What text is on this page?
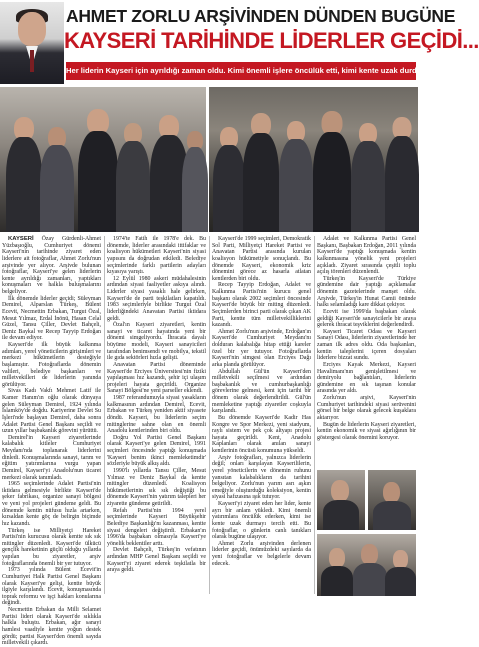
AHMET ZORLU ARŞİVİNDEN DÜNDEN BUGÜNE
KAYSERİ TARİHİNDE LİDERLER GEÇİDİ...
Her liderin Kayseri için ayrıldığı zaman oldu. Kimi önemli işlere öncülük etti, kimi kente uzak durdu..

KAYSERİ Özay Gürdenli-Ahmet Yüzbaşıoğlu, Cumhuriyet dönemi Kayseri'nin tarihinde ziyaret eden liderlere ait fotoğraflar, Ahmet Zorlu'nun arşivinde yer alıyor. Arşivde bulunan fotoğraflar, Kayseri'ye gelen liderlerin kente ayrıldığı zamanları, yaptıkları konuşmaları ve halkla buluşmalarını belgeliyor.

İlk dönemde liderler geçidi; Süleyman Demirel, Alparslan Türkeş, Bülent Ecevit, Necmettin Erbakan, Turgut Özal, Mesut Yılmaz, Erdal İnönü, Hasan Celal Güzel, Tansu Çiller, Devlet Bahçeli, Deniz Baykal ve Recep Tayyip Erdoğan ile devam ediyor.

Kayseri'de ilk büyük kalkınma adımları, yerel yöneticilerin girişimleri ve merkezi hükümetlerin desteğiyle başlamıştır. Fotoğraflarda dönemin valileri, belediye başkanları ve milletvekilleri de liderlerin yanında görülüyor.

Sivas Kadı Vakfı Mehmet Latif ile Kamer Hanım'ın oğlu olarak dünyaya gelen Süleyman Demirel, 1924 yılında İslamköy'de doğdu. Kariyerine Devlet Su İşleri'nde başlayan Demirel, daha sonra Adalet Partisi Genel Başkanı seçildi ve uzun yıllar başbakanlık görevini yürüttü.

Demirel'in Kayseri ziyaretlerinde kalabalık kitleler Cumhuriyet Meydanı'nda toplanarak liderlerini dinledi. Konuşmalarında sanayi, tarım ve eğitim yatırımlarına vurgu yapan Demirel, Kayseri'yi Anadolu'nun ticaret merkezi olarak tanımladı.

1965 seçimlerinde Adalet Partisi'nin iktidara gelmesiyle birlikte Kayseri'de şeker fabrikası, organize sanayi bölgesi ve yeni yol projeleri gündeme geldi. Bu dönemde kentin nüfusu hızla artarken, kırsaldan kente göç de belirgin biçimde hız kazandı.

Türkeş ise Milliyetçi Hareket Partisi'nin kurucusu olarak kentte sık sık mitingler düzenledi. Kayseri'de ülkücü gençlik hareketinin güçlü olduğu yıllarda yapılan bu ziyaretler, arşiv fotoğraflarında önemli bir yer tutuyor.

1973 yılında Bülent Ecevit'in Cumhuriyet Halk Partisi Genel Başkanı olarak Kayseri'ye gelişi, kentte büyük ilgiyle karşılandı. Ecevit, konuşmasında toprak reformu ve işçi hakları konularına değindi.

Necmettin Erbakan da Milli Selamet Partisi lideri olarak Kayseri'de sıklıkla halkla buluştu. Erbakan, ağır sanayi hamlesi vaadiyle kentte yoğun destek gördü; partisi Kayseri'den önemli sayıda milletvekili çıkardı.

1974'te Fatih ile 1978'e dek. Bu dönemde, liderler arasındaki ittifaklar ve koalisyon hükümetleri Kayseri'nin siyasi yapısını da doğrudan etkiledi. Belediye seçimlerinde farklı partilerin adayları kıyasıya yarıştı.

12 Eylül 1980 askeri müdahalesinin ardından siyasi faaliyetler askıya alındı. Liderler siyasi yasaklı hale gelirken, Kayseri'de de parti teşkilatları kapatıldı. 1983 seçimleriyle birlikte Turgut Özal liderliğindeki Anavatan Partisi iktidara geldi.

Özal'ın Kayseri ziyaretleri, kentin sanayi ve ticaret hayatında yeni bir dönemi simgeliyordu. İhracata dayalı büyüme modeli, Kayseri sanayicileri tarafından benimsendi ve mobilya, tekstil ile gıda sektörleri hızla gelişti.

Anavatan Partisi döneminde Kayseri'de Erciyes Üniversitesi'nin fiziki yapılaşması hız kazandı, şehir içi ulaşım projeleri hayata geçirildi. Organize Sanayi Bölgesi'ne yeni parseller eklendi.

1987 referandumuyla siyasi yasakların kalkmasının ardından Demirel, Ecevit, Erbakan ve Türkeş yeniden aktif siyasete döndü. Kayseri, bu liderlerin seçim mitinglerine sahne olan en önemli Anadolu kentlerinden biri oldu.

Doğru Yol Partisi Genel Başkanı olarak Kayseri'ye gelen Demirel, 1991 seçimleri öncesinde yaptığı konuşmada 'Kayseri benim ikinci memleketimdir' sözleriyle büyük alkış aldı.

1990'lı yıllarda Tansu Çiller, Mesut Yılmaz ve Deniz Baykal da kentte mitingler düzenledi. Koalisyon hükümetlerinin sık sık değiştiği bu dönemde Kayseri'nin yatırım talepleri her ziyarette gündeme getirildi.

Refah Partisi'nin 1994 yerel seçimlerinde Kayseri Büyükşehir Belediye Başkanlığı'nı kazanması, kentte siyasi dengeleri değiştirdi. Erbakan'ın 1996'da başbakan olmasıyla Kayseri'ye yönelik beklentiler arttı.

Devlet Bahçeli, Türkeş'in vefatının ardından MHP Genel Başkanı seçildi ve Kayseri'yi ziyaret ederek teşkilatla bir araya geldi.

Kayseri'de 1999 seçimleri, Demokratik Sol Parti, Milliyetçi Hareket Partisi ve Anavatan Partisi arasında kurulan koalisyon hükümetiyle sonuçlandı. Bu dönemde Kayseri, ekonomik kriz dönemini görece az hasarla atlatan kentlerden biri oldu.

Recep Tayyip Erdoğan, Adalet ve Kalkınma Partisi'nin kurucu genel başkanı olarak 2002 seçimleri öncesinde Kayseri'de büyük bir miting düzenledi. Seçimlerden birinci parti olarak çıkan AK Parti, kentte tüm milletvekilliklerini kazandı.

Ahmet Zorlu'nun arşivinde, Erdoğan'ın Kayseri'de Cumhuriyet Meydanı'nı dolduran kalabalığa hitap ettiği kareler özel bir yer tutuyor. Fotoğraflarda Kayseri'nin simgesi olan Erciyes Dağı arka planda görülüyor.

Abdullah Gül'ün Kayseri'den milletvekili seçilmesi ve ardından başbakanlık ve cumhurbaşkanlığı görevlerine gelmesi, kent için tarihi bir dönem olarak değerlendirildi. Gül'ün memleketine yaptığı ziyaretler coşkuyla karşılandı.

Bu dönemde Kayseri'de Kadir Has Kongre ve Spor Merkezi, yeni stadyum, raylı sistem ve pek çok altyapı projesi hayata geçirildi. Kent, Anadolu Kaplanları olarak anılan sanayi kentlerinin öncüsü konumuna yükseldi.

Arşiv fotoğrafları, yalnızca liderlerin değil; onları karşılayan Kayserililerin, yerel yöneticilerin ve dönemin ruhunu yansıtan kalabalıkların da tarihini belgeliyor. Zorlu'nun yarım asrı aşkın emeğiyle oluşturduğu koleksiyon, kentin siyasi hafızasına ışık tutuyor.

Kayseri'yi ziyaret eden her lider, kente ayrı bir anlam yükledi. Kimi önemli yatırımlara öncülük ederken, kimi ise kente uzak durmayı tercih etti. Bu fotoğraflar, o günlerin canlı tanıkları olarak bugüne ulaşıyor.

Ahmet Zorlu arşivinden derlenen liderler geçidi, önümüzdeki sayılarda da yeni fotoğraflar ve belgelerle devam edecek.

Adalet ve Kalkınma Partisi Genel Başkanı, Başbakan Erdoğan, 2011 yılında Kayseri'de yaptığı konuşmada kentin kalkınmasına yönelik yeni projeleri açıkladı. Ziyaret sırasında çeşitli toplu açılış törenleri düzenlendi.

Türkeş'in Kayseri'de Türkiye gündemine dair yaptığı açıklamalar dönemin gazetelerinde manşet oldu. Arşivde, Türkeş'in Hunat Camii önünde halkı selamladığı kare dikkat çekiyor.

Ecevit ise 1999'da başbakan olarak geldiği Kayseri'de sanayicilerle bir araya gelerek ihracat teşviklerini değerlendirdi.

Kayseri Ticaret Odası ve Kayseri Sanayi Odası, liderlerin ziyaretlerinde her zaman ilk adres oldu. Oda başkanları, kentin taleplerini içeren dosyaları liderlere bizzat sundu.

Erciyes Kayak Merkezi, Kayseri Havalimanı'nın genişletilmesi ve demiryolu bağlantıları, liderlerin gündemine en sık taşınan konular arasında yer aldı.

Zorlu'nun arşivi, Kayseri'nin Cumhuriyet tarihindeki siyasi serüvenini görsel bir belge olarak gelecek kuşaklara aktarıyor.

Bugün de liderlerin Kayseri ziyaretleri, kentin ekonomik ve siyasi ağırlığının bir göstergesi olarak önemini koruyor.
